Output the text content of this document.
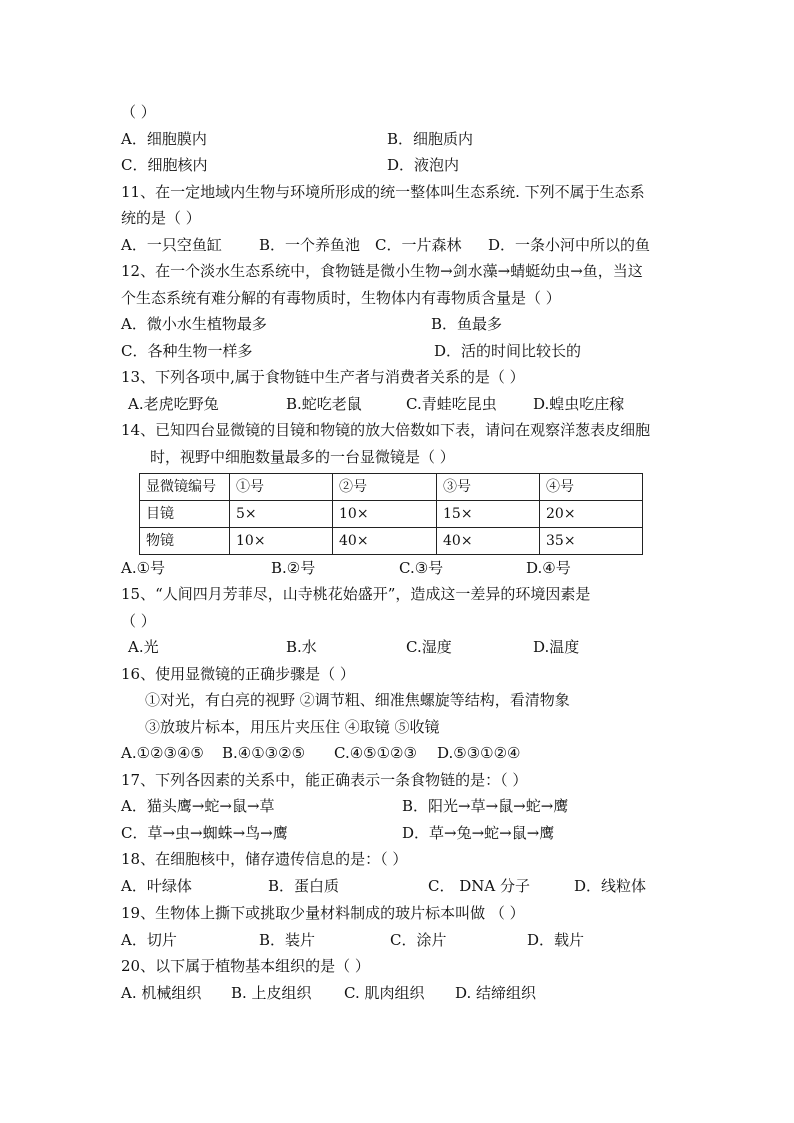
（ ）
A．细胞膜内	B．细胞质内
C．细胞核内	D．液泡内
11、在一定地域内生物与环境所形成的统一整体叫生态系统. 下列不属于生态系
统的是（ ）
A．一只空鱼缸 B．一个养鱼池 C．一片森林 D．一条小河中所以的鱼
12、在一个淡水生态系统中，食物链是微小生物→剑水藻→蜻蜓幼虫→鱼，当这
个生态系统有难分解的有毒物质时，生物体内有毒物质含量是（ ）
A．微小水生植物最多	B．鱼最多
C．各种生物一样多	D．活的时间比较长的
13、下列各项中,属于食物链中生产者与消费者关系的是（ ）
A.老虎吃野兔	B.蛇吃老鼠	C.青蛙吃昆虫 D.蝗虫吃庄稼
14、已知四台显微镜的目镜和物镜的放大倍数如下表，请问在观察洋葱表皮细胞
时，视野中细胞数量最多的一台显微镜是（ ）
显微镜编号	①号	②号	③号	④号
目镜	5×	10×	15×	20×
物镜	10×	40×	40×	35×
A.①号	B.②号	C.③号	D.④号
15、“人间四月芳菲尽，山寺桃花始盛开”，造成这一差异的环境因素是
（ ）
A.光	B.水	C.湿度	D.温度
16、使用显微镜的正确步骤是（ ）
①对光，有白亮的视野 ②调节粗、细准焦螺旋等结构，看清物象
③放玻片标本，用压片夹压住 ④取镜 ⑤收镜
A.①②③④⑤ B.④①③②⑤ C.④⑤①②③ D.⑤③①②④
17、下列各因素的关系中，能正确表示一条食物链的是：（ ）
A．猫头鹰→蛇→鼠→草	B．阳光→草→鼠→蛇→鹰
C．草→虫→蜘蛛→鸟→鹰	D．草→兔→蛇→鼠→鹰
18、在细胞核中，储存遗传信息的是：（ ）
A．叶绿体	B．蛋白质	C． DNA 分子	D．线粒体
19、生物体上撕下或挑取少量材料制成的玻片标本叫做 （ ）
A．切片	B．装片	C．涂片	D．载片
20、以下属于植物基本组织的是（ ）
A. 机械组织 B. 上皮组织 C. 肌肉组织 D. 结缔组织
